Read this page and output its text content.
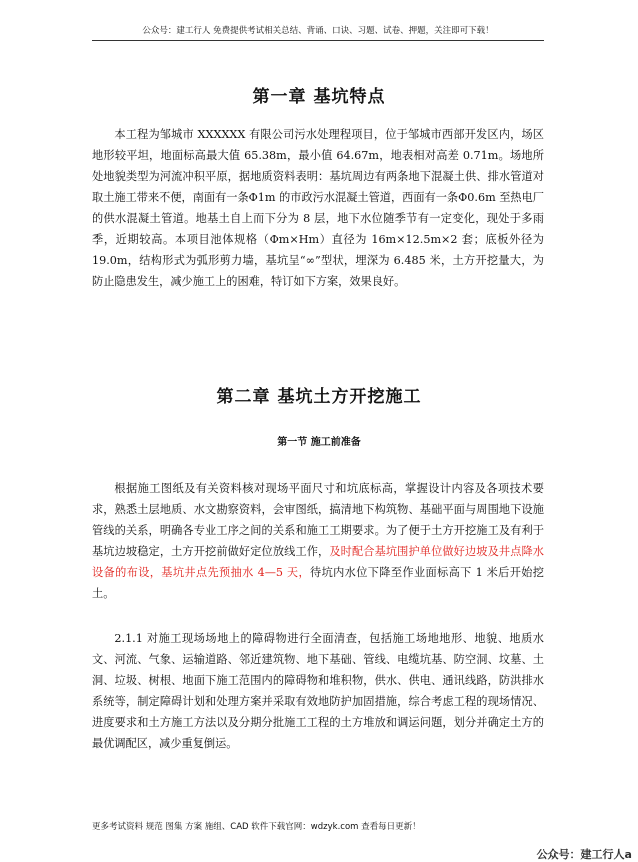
公众号：建工行人 免费提供考试相关总结、背诵、口诀、习题、试卷、押题，关注即可下载！
第一章 基坑特点

本工程为邹城市 XXXXXX 有限公司污水处理程项目，位于邹城市西部开发区内，场区地形较平坦，地面标高最大值 65.38m，最小值 64.67m，地表相对高差 0.71m。场地所处地貌类型为河流冲积平原，据地质资料表明：基坑周边有两条地下混凝土供、排水管道对取土施工带来不便，南面有一条Φ1m 的市政污水混凝土管道，西面有一条Φ0.6m 至热电厂的供水混凝土管道。地基土自上而下分为 8 层，地下水位随季节有一定变化，现处于多雨季，近期较高。本项目池体规格（Φm×Hm）直径为 16m×12.5m×2 套；底板外径为 19.0m，结构形式为弧形剪力墙，基坑呈“∞”型状，埋深为 6.485 米，土方开挖量大，为防止隐患发生，减少施工上的困难，特订如下方案，效果良好。

第二章 基坑土方开挖施工
第一节 施工前准备

根据施工图纸及有关资料核对现场平面尺寸和坑底标高，掌握设计内容及各项技术要求，熟悉土层地质、水文勘察资料，会审图纸，搞清地下构筑物、基础平面与周围地下设施管线的关系，明确各专业工序之间的关系和施工工期要求。为了便于土方开挖施工及有利于基坑边坡稳定，土方开挖前做好定位放线工作，及时配合基坑围护单位做好边坡及井点降水设备的布设，基坑井点先预抽水 4—5 天，待坑内水位下降至作业面标高下 1 米后开始挖土。

2.1.1 对施工现场场地上的障碍物进行全面清查，包括施工场地地形、地貌、地质水文、河流、气象、运输道路、邻近建筑物、地下基础、管线、电缆坑基、防空洞、坟墓、土洞、垃圾、树根、地面下施工范围内的障碍物和堆积物，供水、供电、通讯线路，防洪排水系统等，制定障碍计划和处理方案并采取有效地防护加固措施，综合考虑工程的现场情况、进度要求和土方施工方法以及分期分批施工工程的土方堆放和调运问题，划分并确定土方的最优调配区，减少重复倒运。

更多考试资料 规范 图集 方案 施组、CAD 软件下载官网：wdzyk.com 查看每日更新！
公众号：建工行人a
